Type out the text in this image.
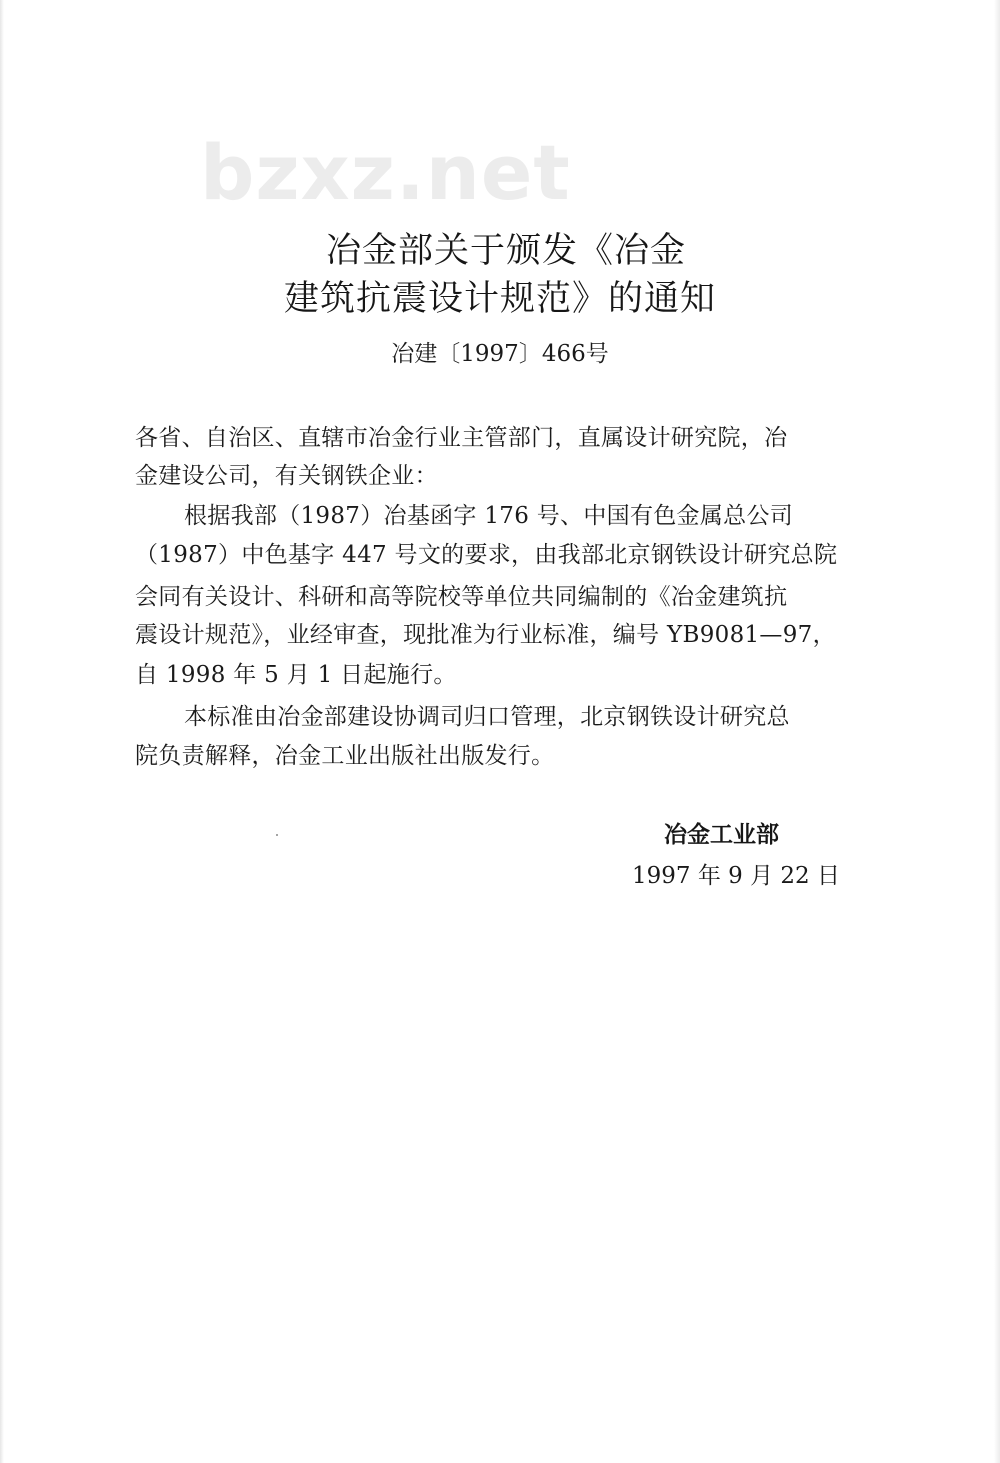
bzxz.net
冶金部关于颁发《冶金
建筑抗震设计规范》的通知
冶建〔1997〕466号
各省、自治区、直辖市冶金行业主管部门，直属设计研究院，冶
金建设公司，有关钢铁企业：
根据我部（1987）冶基函字 176 号、中国有色金属总公司
（1987）中色基字 447 号文的要求，由我部北京钢铁设计研究总院
会同有关设计、科研和高等院校等单位共同编制的《冶金建筑抗
震设计规范》，业经审查，现批准为行业标准，编号 YB9081—97，
自 1998 年 5 月 1 日起施行。
本标准由冶金部建设协调司归口管理，北京钢铁设计研究总
院负责解释，冶金工业出版社出版发行。
冶金工业部
1997 年 9 月 22 日
